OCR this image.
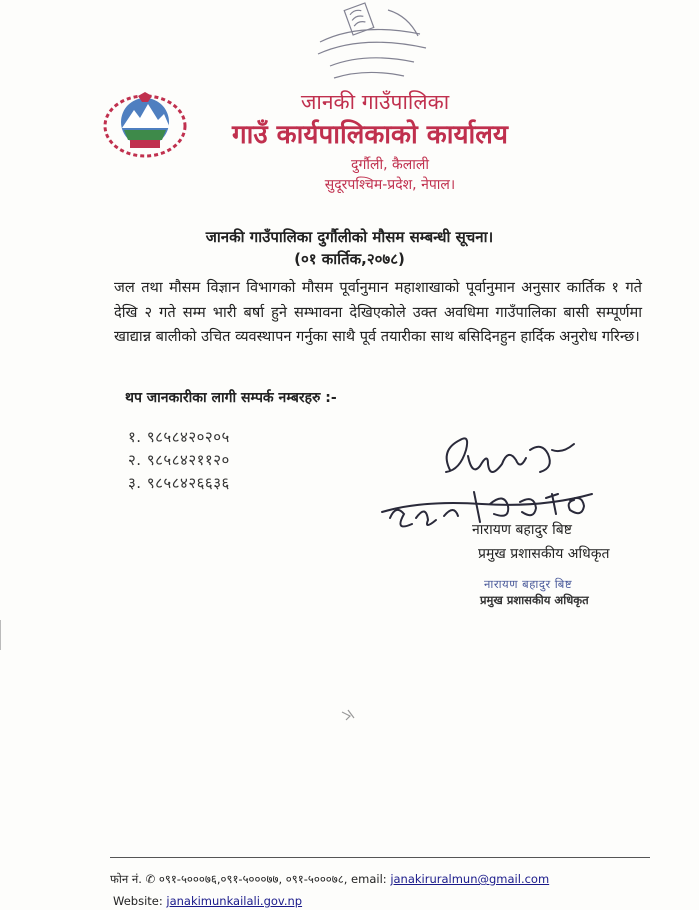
जानकी गाउँपालिका
गाउँ कार्यपालिकाको कार्यालय
दुर्गौली, कैलाली
सुदूरपश्चिम-प्रदेश, नेपाल।
जानकी गाउँपालिका दुर्गौलीको मौसम सम्बन्धी सूचना।
(०१ कार्तिक,२०७८)
जल तथा मौसम विज्ञान विभागको मौसम पूर्वानुमान महाशाखाको पूर्वानुमान अनुसार कार्तिक १ गते देखि २ गते सम्म भारी बर्षा हुने सम्भावना देखिएकोले उक्त अवधिमा गाउँपालिका बासी सम्पूर्णमा खाद्यान्न बालीको उचित व्यवस्थापन गर्नुका साथै पूर्व तयारीका साथ बसिदिनहुन हार्दिक अनुरोध गरिन्छ।
थप जानकारीका लागी सम्पर्क नम्बरहरु :-
१. ९८५८४२०२०५
२. ९८५८४२११२०
३. ९८५८४२६६३६
नारायण बहादुर बिष्ट
प्रमुख प्रशासकीय अधिकृत
नारायण बहादुर बिष्ट
प्रमुख प्रशासकीय अधिकृत
फोन नं. ✆ ०९१-५०००७६,०९१-५०००७७, ०९१-५०००७८, email: janakiruralmun@gmail.com
Website: janakimunkailali.gov.np
